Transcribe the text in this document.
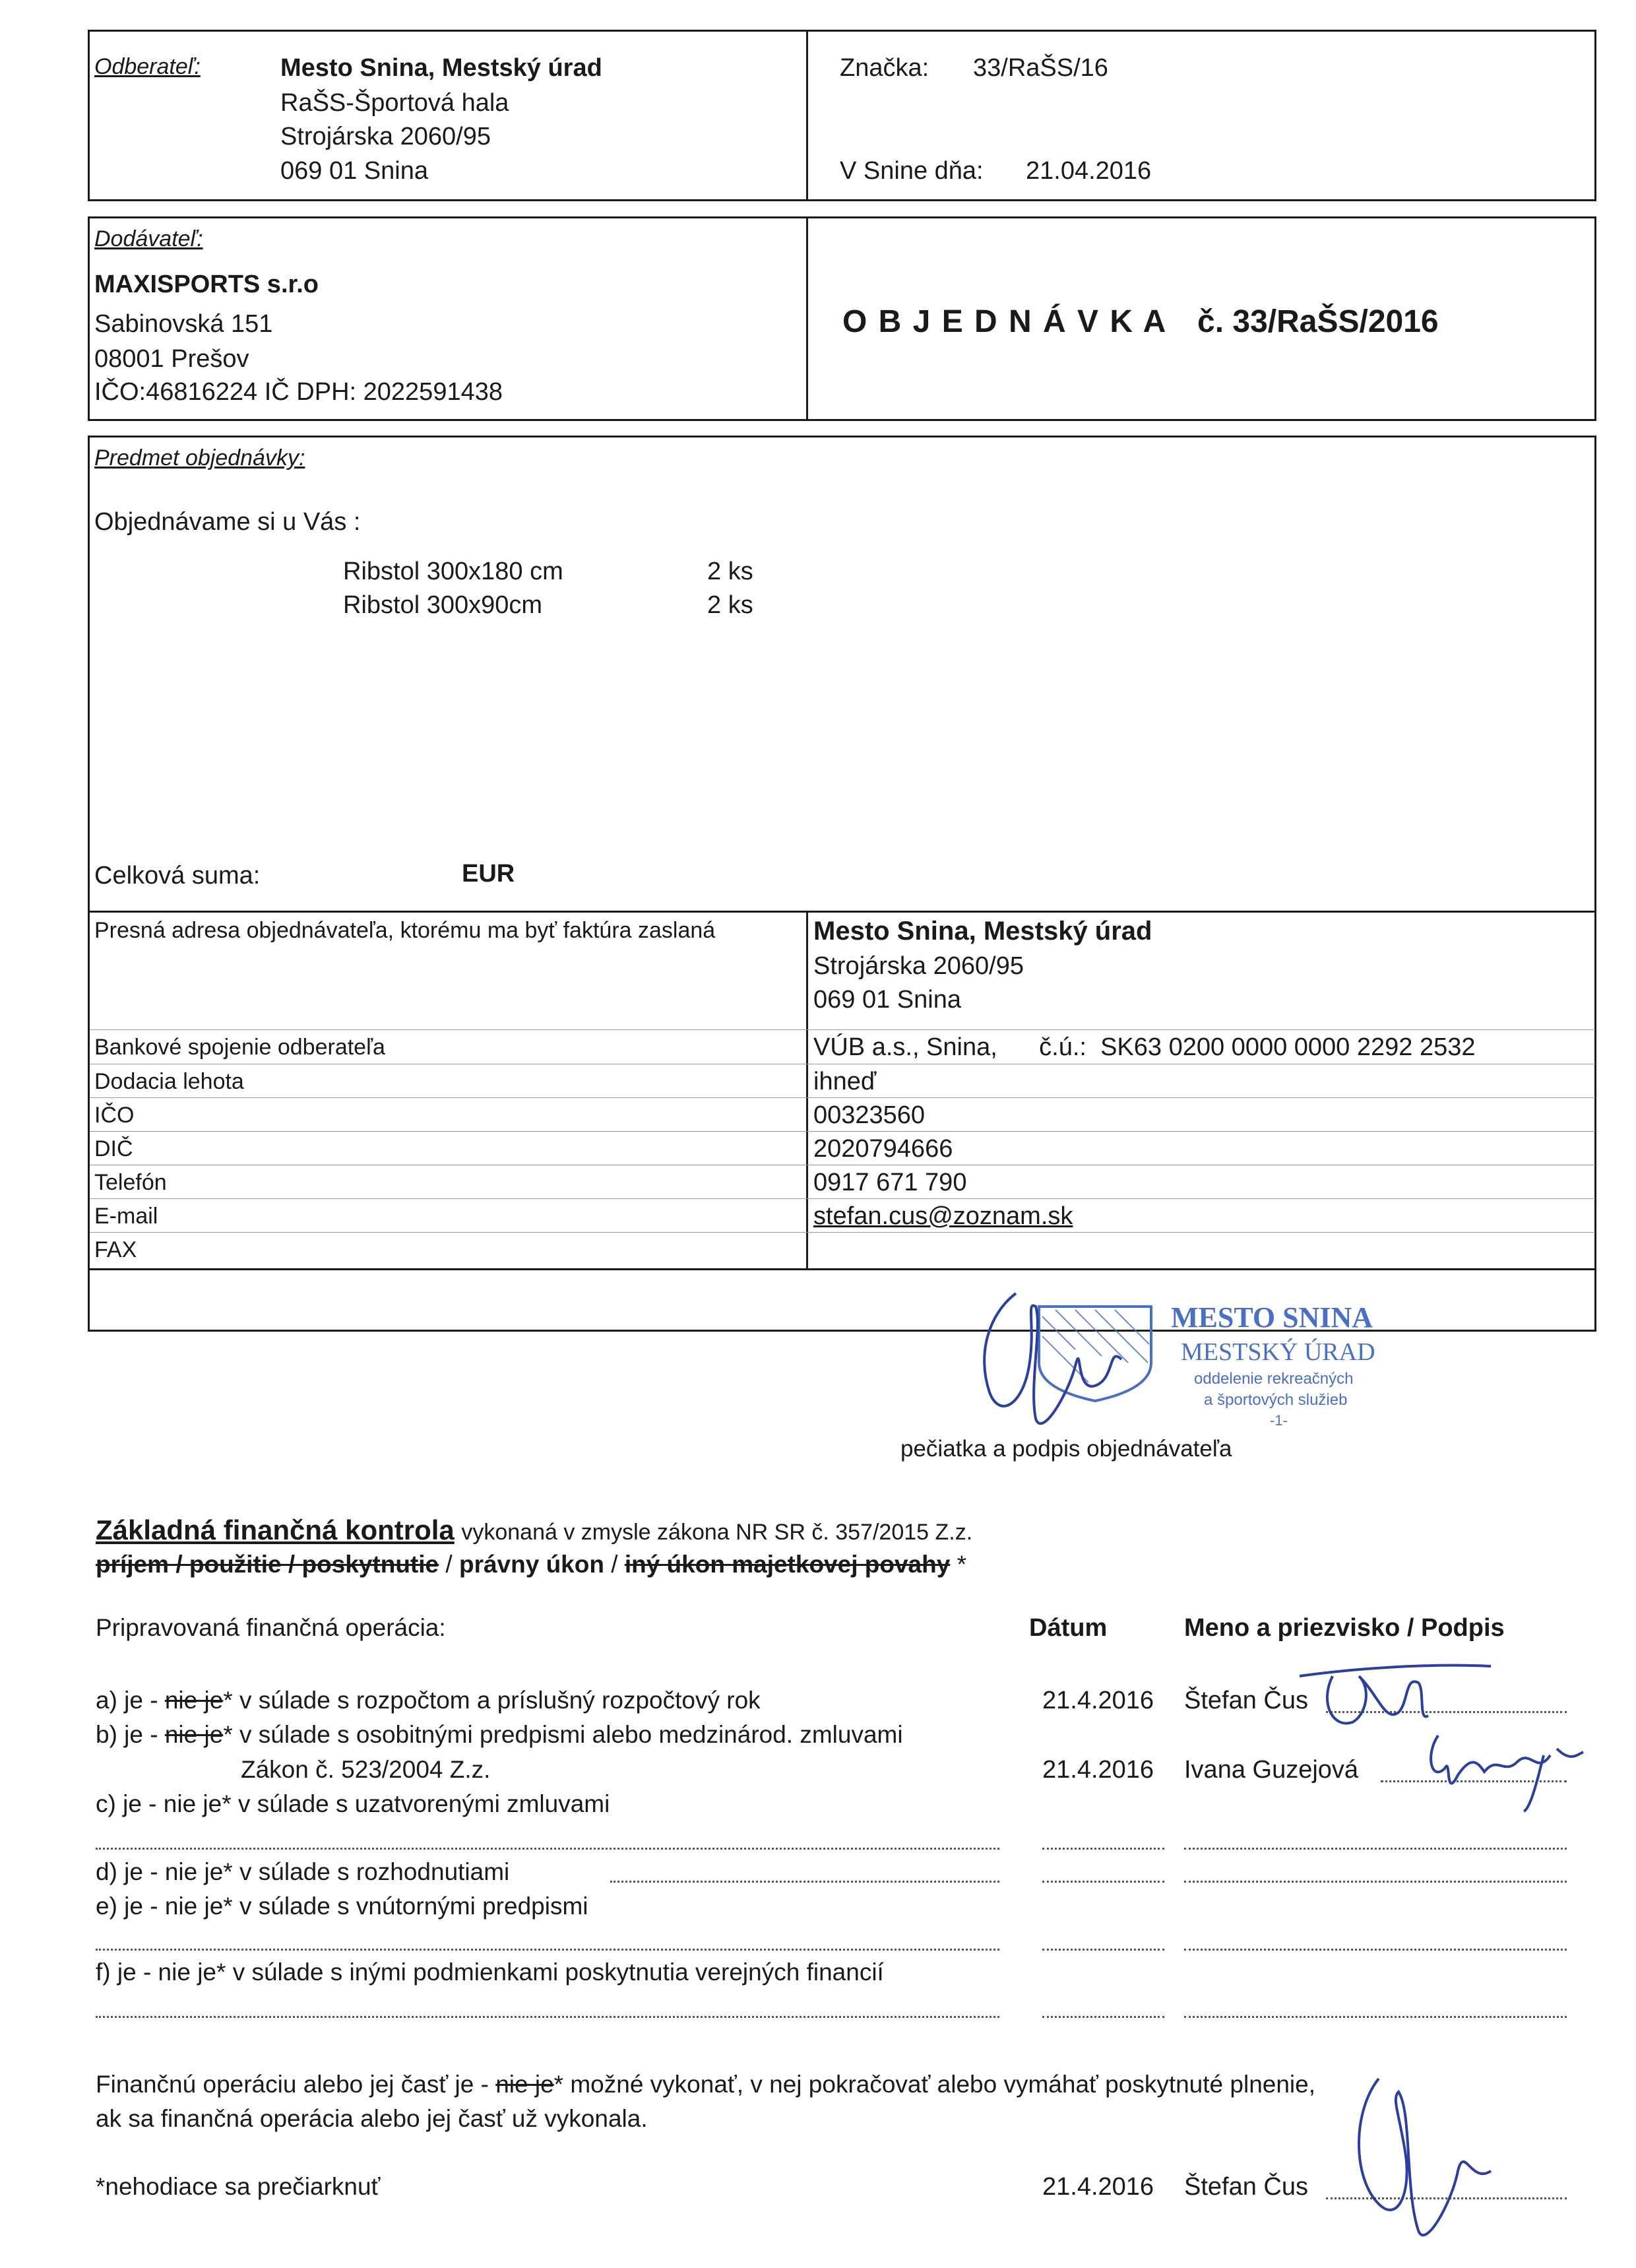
Odberateľ:	Mesto Snina, Mestský úrad
RaŠS-Športová hala
Strojárska 2060/95
069 01 Snina
Značka: 33/RaŠS/16
V Snine dňa: 21.04.2016
Dodávateľ:
MAXISPORTS s.r.o
Sabinovská 151
08001 Prešov
IČO:46816224 IČ DPH: 2022591438
O B J E D N Á V K A č. 33/RaŠS/2016
Predmet objednávky:
Objednávame si u Vás :
Ribstol 300x180 cm	2 ks
Ribstol 300x90cm	2 ks
Celková suma:	EUR
Presná adresa objednávateľa, ktorému ma byť faktúra zaslaná	Mesto Snina, Mestský úrad
Strojárska 2060/95
069 01 Snina
Bankové spojenie odberateľa	VÚB a.s., Snina,      č.ú.:  SK63 0200 0000 0000 2292 2532
Dodacia lehota	ihneď
IČO	00323560
DIČ	2020794666
Telefón	0917 671 790
E-mail	stefan.cus@zoznam.sk
FAX
MESTO SNINA
MESTSKÝ ÚRAD
oddelenie rekreačných
a športových služieb
-1-
pečiatka a podpis objednávateľa
Základná finančná kontrola vykonaná v zmysle zákona NR SR č. 357/2015 Z.z.
príjem / použitie / poskytnutie / právny úkon / iný úkon majetkovej povahy *
Pripravovaná finančná operácia:	Dátum	Meno a priezvisko / Podpis
a) je - nie je* v súlade s rozpočtom a príslušný rozpočtový rok	21.4.2016 Štefan Čus
b) je - nie je* v súlade s osobitnými predpismi alebo medzinárod. zmluvami
Zákon č. 523/2004 Z.z.	21.4.2016 Ivana Guzejová
c) je - nie je* v súlade s uzatvorenými zmluvami
d) je - nie je* v súlade s rozhodnutiami
e) je - nie je* v súlade s vnútornými predpismi
f) je - nie je* v súlade s inými podmienkami poskytnutia verejných financií
Finančnú operáciu alebo jej časť je - nie je* možné vykonať, v nej pokračovať alebo vymáhať poskytnuté plnenie,
ak sa finančná operácia alebo jej časť už vykonala.
*nehodiace sa prečiarknuť	21.4.2016 Štefan Čus
